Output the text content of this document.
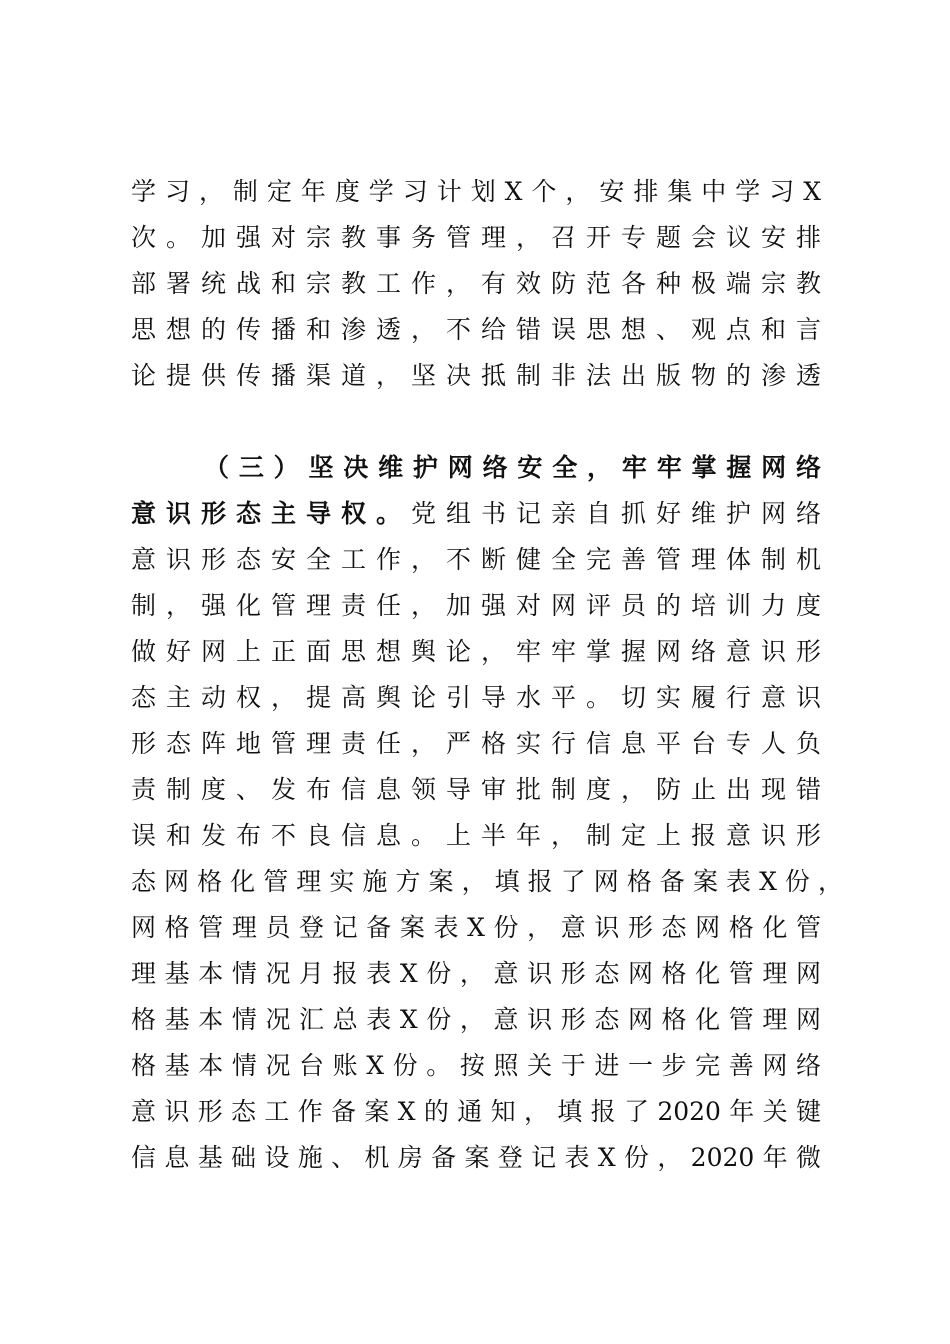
学习，制定年度学习计划X个，安排集中学习X
次。加强对宗教事务管理，召开专题会议安排
部署统战和宗教工作，有效防范各种极端宗教
思想的传播和渗透，不给错误思想、观点和言
论提供传播渠道，坚决抵制非法出版物的渗透
（三）坚决维护网络安全，牢牢掌握网络
意识形态主导权。党组书记亲自抓好维护网络
意识形态安全工作，不断健全完善管理体制机
制，强化管理责任，加强对网评员的培训力度
做好网上正面思想舆论，牢牢掌握网络意识形
态主动权，提高舆论引导水平。切实履行意识
形态阵地管理责任，严格实行信息平台专人负
责制度、发布信息领导审批制度，防止出现错
误和发布不良信息。上半年，制定上报意识形
态网格化管理实施方案，填报了网格备案表X份，
网格管理员登记备案表X份，意识形态网格化管
理基本情况月报表X份，意识形态网格化管理网
格基本情况汇总表X份，意识形态网格化管理网
格基本情况台账X份。按照关于进一步完善网络
意识形态工作备案X的通知，填报了2020年关键
信息基础设施、机房备案登记表X份，2020年微
